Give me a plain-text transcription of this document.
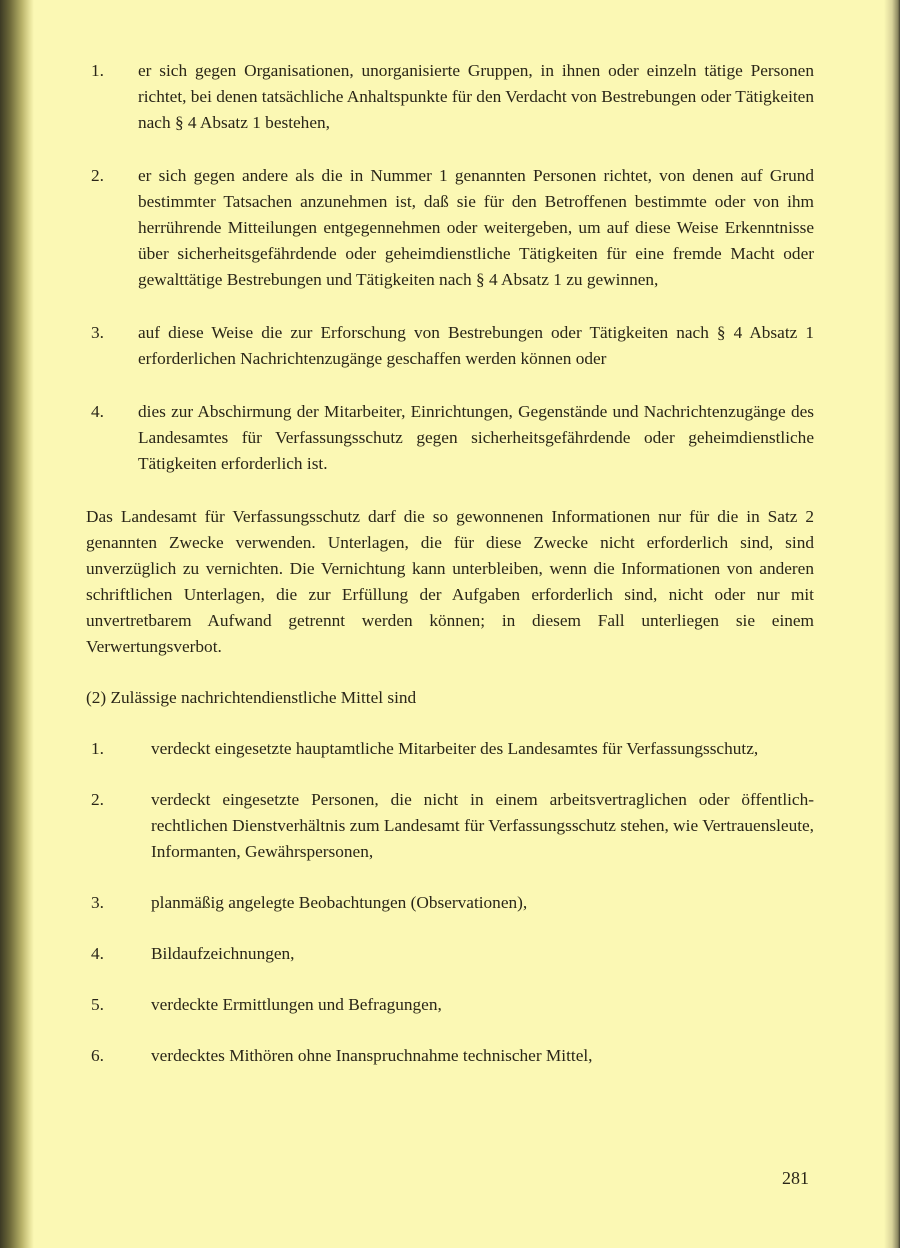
1. er sich gegen Organisationen, unorganisierte Gruppen, in ihnen oder einzeln tätige Personen richtet, bei denen tatsächliche Anhaltspunkte für den Verdacht von Bestrebungen oder Tätigkeiten nach § 4 Absatz 1 bestehen,
2. er sich gegen andere als die in Nummer 1 genannten Personen richtet, von denen auf Grund bestimmter Tatsachen anzunehmen ist, daß sie für den Betroffenen bestimmte oder von ihm herrührende Mitteilungen entgegennehmen oder weitergeben, um auf diese Weise Erkenntnisse über sicherheitsgefährdende oder geheimdienstliche Tätigkeiten für eine fremde Macht oder gewalttätige Bestrebungen und Tätigkeiten nach § 4 Absatz 1 zu gewinnen,
3. auf diese Weise die zur Erforschung von Bestrebungen oder Tätigkeiten nach § 4 Absatz 1 erforderlichen Nachrichtenzugänge geschaffen werden können oder
4. dies zur Abschirmung der Mitarbeiter, Einrichtungen, Gegenstände und Nachrichtenzugänge des Landesamtes für Verfassungsschutz gegen sicherheitsgefährdende oder geheimdienstliche Tätigkeiten erforderlich ist.
Das Landesamt für Verfassungsschutz darf die so gewonnenen Informationen nur für die in Satz 2 genannten Zwecke verwenden. Unterlagen, die für diese Zwecke nicht erforderlich sind, sind unverzüglich zu vernichten. Die Vernichtung kann unterbleiben, wenn die Informationen von anderen schriftlichen Unterlagen, die zur Erfüllung der Aufgaben erforderlich sind, nicht oder nur mit unvertretbarem Aufwand getrennt werden können; in diesem Fall unterliegen sie einem Verwertungsverbot.
(2) Zulässige nachrichtendienstliche Mittel sind
1.	verdeckt eingesetzte hauptamtliche Mitarbeiter des Landesamtes für Verfassungsschutz,
2.	verdeckt eingesetzte Personen, die nicht in einem arbeitsvertraglichen oder öffentlich-rechtlichen Dienstverhältnis zum Landesamt für Verfassungsschutz stehen, wie Vertrauensleute, Informanten, Gewährspersonen,
3.	planmäßig angelegte Beobachtungen (Observationen),
4.	Bildaufzeichnungen,
5.	verdeckte Ermittlungen und Befragungen,
6.	verdecktes Mithören ohne Inanspruchnahme technischer Mittel,
281
